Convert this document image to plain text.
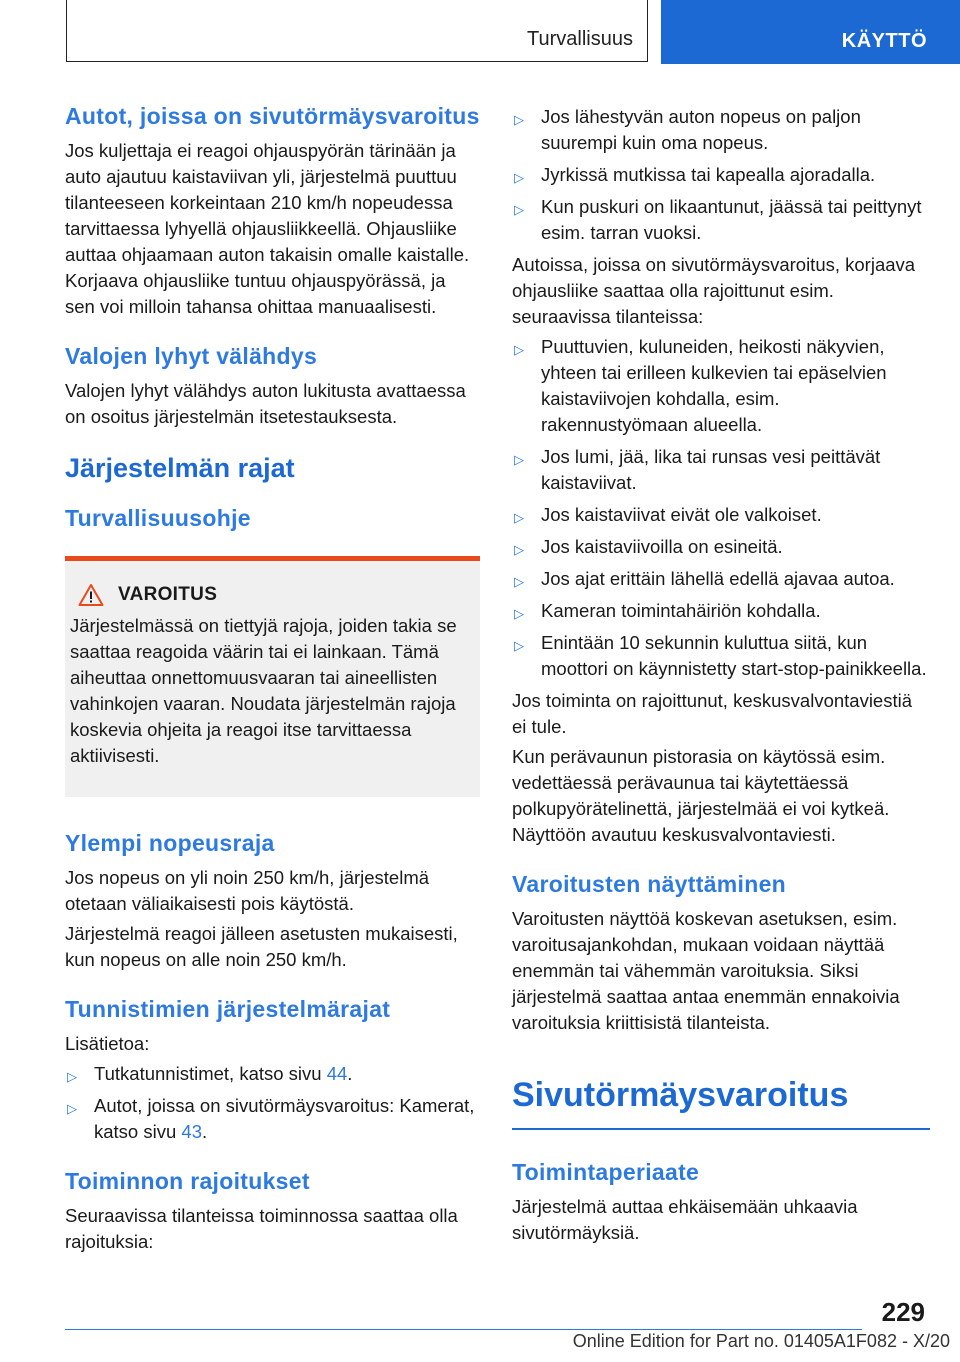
Turvallisuus	KÄYTTÖ
Autot, joissa on sivutörmäysvaroitus

Jos kuljettaja ei reagoi ohjauspyörän tärinään ja auto ajautuu kaistaviivan yli, järjestelmä puuttuu tilanteeseen korkeintaan 210 km/h nopeudessa tarvittaessa lyhyellä ohjausliikkeellä. Ohjausliike auttaa ohjaamaan auton takaisin omalle kaistalle. Korjaava ohjausliike tuntuu ohjauspyörässä, ja sen voi milloin tahansa ohittaa manuaalisesti.

Valojen lyhyt välähdys

Valojen lyhyt välähdys auton lukitusta avattaessa on osoitus järjestelmän itsetestauksesta.

Järjestelmän rajat
Turvallisuusohje
VAROITUS

Järjestelmässä on tiettyjä rajoja, joiden takia se saattaa reagoida väärin tai ei lainkaan. Tämä aiheuttaa onnettomuusvaaran tai aineellisten vahinkojen vaaran. Noudata järjestelmän rajoja koskevia ohjeita ja reagoi itse tarvittaessa aktiivisesti.

Ylempi nopeusraja

Jos nopeus on yli noin 250 km/h, järjestelmä otetaan väliaikaisesti pois käytöstä.

Järjestelmä reagoi jälleen asetusten mukaisesti, kun nopeus on alle noin 250 km/h.

Tunnistimien järjestelmärajat

Lisätietoa:

▷ Tutkatunnistimet, katso sivu 44.
▷ Autot, joissa on sivutörmäysvaroitus: Kamerat, katso sivu 43.
Toiminnon rajoitukset

Seuraavissa tilanteissa toiminnossa saattaa olla rajoituksia:

▷ Jos lähestyvän auton nopeus on paljon suurempi kuin oma nopeus.
▷ Jyrkissä mutkissa tai kapealla ajoradalla.
▷ Kun puskuri on likaantunut, jäässä tai peittynyt esim. tarran vuoksi.

Autoissa, joissa on sivutörmäysvaroitus, korjaava ohjausliike saattaa olla rajoittunut esim. seuraavissa tilanteissa:

▷ Puuttuvien, kuluneiden, heikosti näkyvien, yhteen tai erilleen kulkevien tai epäselvien kaistaviivojen kohdalla, esim. rakennustyömaan alueella.
▷ Jos lumi, jää, lika tai runsas vesi peittävät kaistaviivat.
▷ Jos kaistaviivat eivät ole valkoiset.
▷ Jos kaistaviivoilla on esineitä.
▷ Jos ajat erittäin lähellä edellä ajavaa autoa.
▷ Kameran toimintahäiriön kohdalla.
▷ Enintään 10 sekunnin kuluttua siitä, kun moottori on käynnistetty start-stop-painikkeella.

Jos toiminta on rajoittunut, keskusvalvontaviestiä ei tule.

Kun perävaunun pistorasia on käytössä esim. vedettäessä perävaunua tai käytettäessä polkupyörätelinettä, järjestelmää ei voi kytkeä. Näyttöön avautuu keskusvalvontaviesti.

Varoitusten näyttäminen

Varoitusten näyttöä koskevan asetuksen, esim. varoitusajankohdan, mukaan voidaan näyttää enemmän tai vähemmän varoituksia. Siksi järjestelmä saattaa antaa enemmän ennakoivia varoituksia kriittisistä tilanteista.

Sivutörmäysvaroitus
Toimintaperiaate

Järjestelmä auttaa ehkäisemään uhkaavia sivutörmäyksiä.

229
Online Edition for Part no. 01405A1F082 - X/20
